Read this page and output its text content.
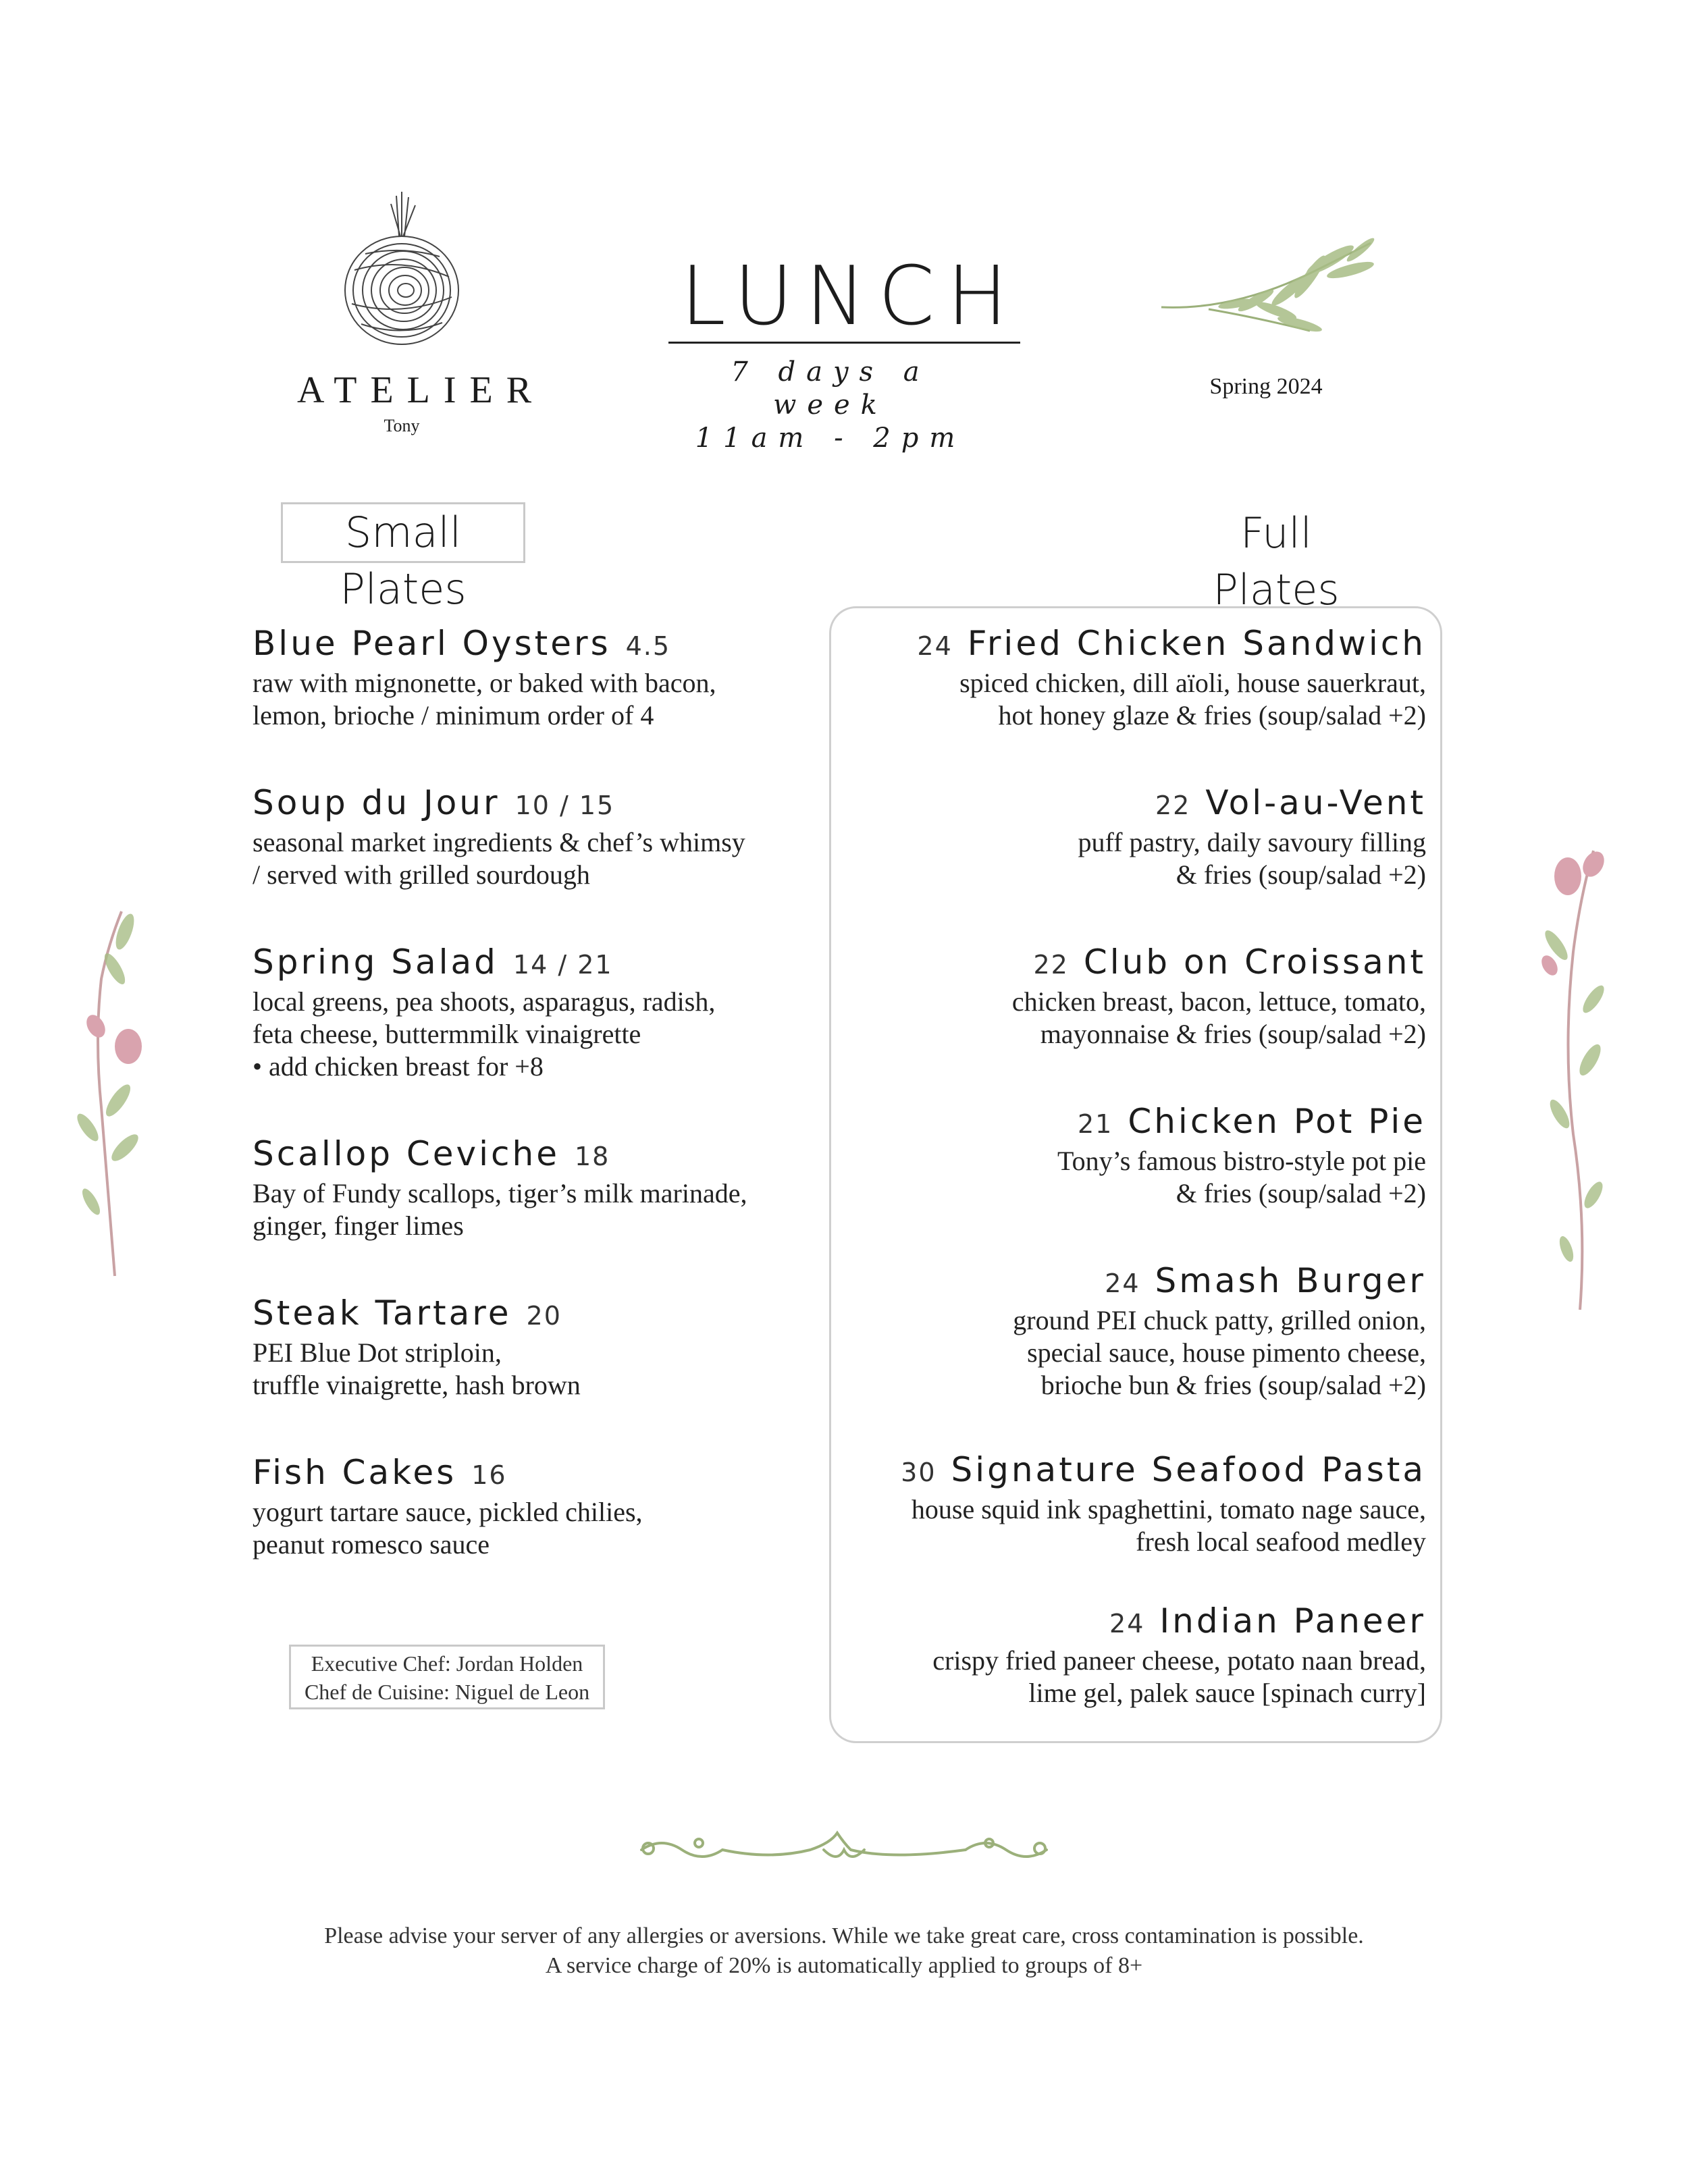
ATELIER
Tony
LUNCH
7 days a week
11am - 2pm
Spring 2024
Small Plates
Full Plates
Blue Pearl Oysters 4.5
raw with mignonette, or baked with bacon,
lemon, brioche / minimum order of 4
Soup du Jour 10 / 15
seasonal market ingredients & chef’s whimsy
/ served with grilled sourdough
Spring Salad 14 / 21
local greens, pea shoots, asparagus, radish,
feta cheese, buttermmilk vinaigrette
• add chicken breast for +8
Scallop Ceviche 18
Bay of Fundy scallops, tiger’s milk marinade,
ginger, finger limes
Steak Tartare 20
PEI Blue Dot striploin,
truffle vinaigrette, hash brown
Fish Cakes 16
yogurt tartare sauce, pickled chilies,
peanut romesco sauce
24 Fried Chicken Sandwich
spiced chicken, dill aïoli, house sauerkraut,
hot honey glaze & fries (soup/salad +2)
22 Vol-au-Vent
puff pastry, daily savoury filling
& fries (soup/salad +2)
22 Club on Croissant
chicken breast, bacon, lettuce, tomato,
mayonnaise & fries (soup/salad +2)
21 Chicken Pot Pie
Tony’s famous bistro-style pot pie
& fries (soup/salad +2)
24 Smash Burger
ground PEI chuck patty, grilled onion,
special sauce, house pimento cheese,
brioche bun & fries (soup/salad +2)
30 Signature Seafood Pasta
house squid ink spaghettini, tomato nage sauce,
fresh local seafood medley
24 Indian Paneer
crispy fried paneer cheese, potato naan bread,
lime gel, palek sauce [spinach curry]
Executive Chef: Jordan Holden
Chef de Cuisine: Niguel de Leon
Please advise your server of any allergies or aversions. While we take great care, cross contamination is possible.
A service charge of 20% is automatically applied to groups of 8+
